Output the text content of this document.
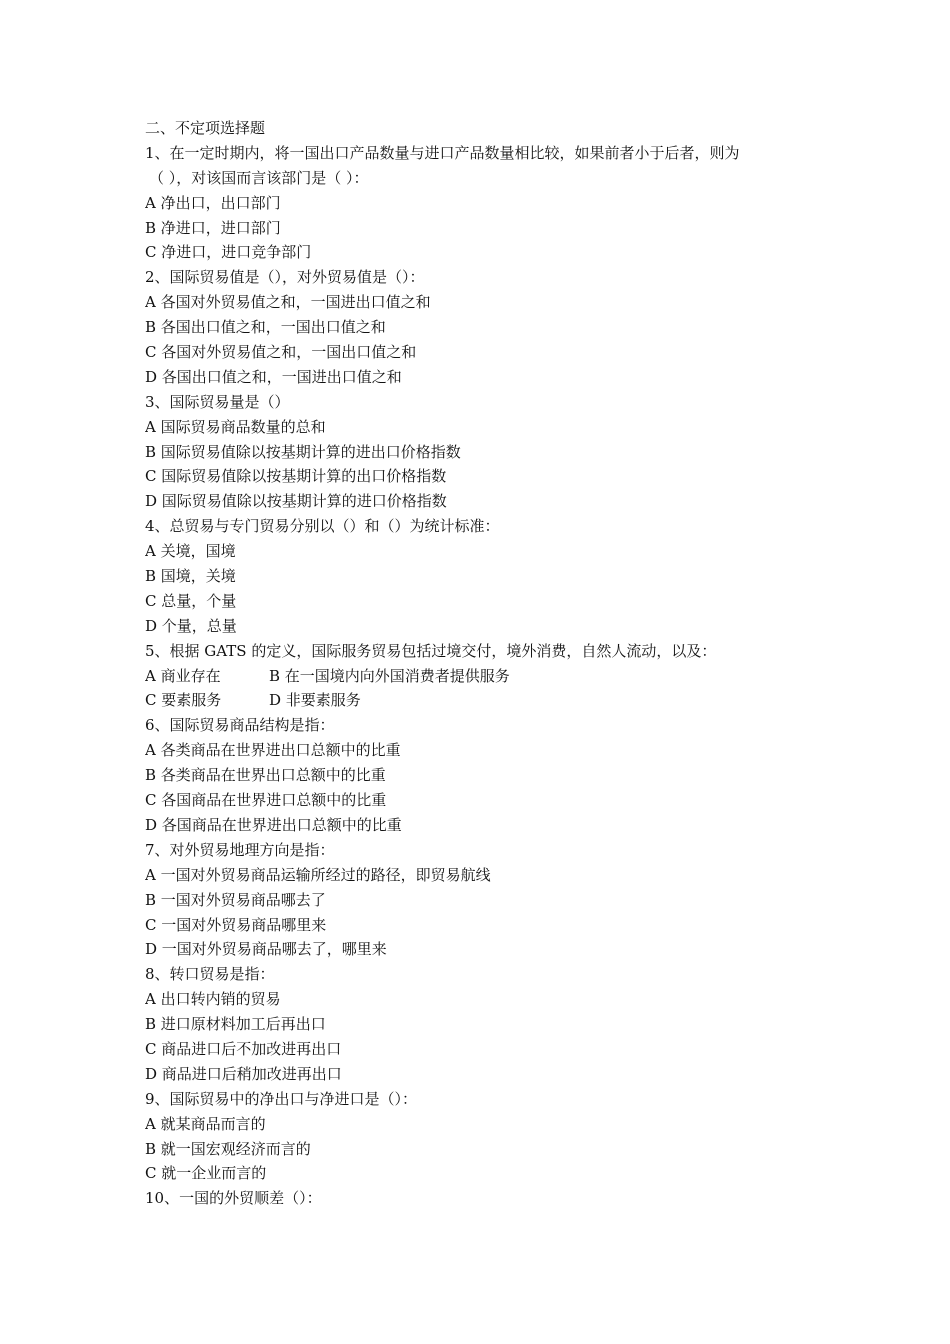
二、不定项选择题
1、在一定时期内，将一国出口产品数量与进口产品数量相比较，如果前者小于后者，则为
（ ），对该国而言该部门是（ ）：
A 净出口，出口部门
B 净进口，进口部门
C 净进口，进口竞争部门
2、国际贸易值是（），对外贸易值是（）：
A 各国对外贸易值之和，一国进出口值之和
B 各国出口值之和，一国出口值之和
C 各国对外贸易值之和，一国出口值之和
D 各国出口值之和，一国进出口值之和
3、国际贸易量是（）
A 国际贸易商品数量的总和
B 国际贸易值除以按基期计算的进出口价格指数
C 国际贸易值除以按基期计算的出口价格指数
D 国际贸易值除以按基期计算的进口价格指数
4、总贸易与专门贸易分别以（）和（）为统计标准：
A 关境，国境
B 国境，关境
C 总量，个量
D 个量，总量
5、根据 GATS 的定义，国际服务贸易包括过境交付，境外消费，自然人流动，以及：
A 商业存在	B 在一国境内向外国消费者提供服务
C 要素服务	D 非要素服务
6、国际贸易商品结构是指：
A 各类商品在世界进出口总额中的比重
B 各类商品在世界出口总额中的比重
C 各国商品在世界进口总额中的比重
D 各国商品在世界进出口总额中的比重
7、对外贸易地理方向是指：
A 一国对外贸易商品运输所经过的路径，即贸易航线
B 一国对外贸易商品哪去了
C 一国对外贸易商品哪里来
D 一国对外贸易商品哪去了，哪里来
8、转口贸易是指：
A 出口转内销的贸易
B 进口原材料加工后再出口
C 商品进口后不加改进再出口
D 商品进口后稍加改进再出口
9、国际贸易中的净出口与净进口是（）：
A 就某商品而言的
B 就一国宏观经济而言的
C 就一企业而言的
10、一国的外贸顺差（）：
